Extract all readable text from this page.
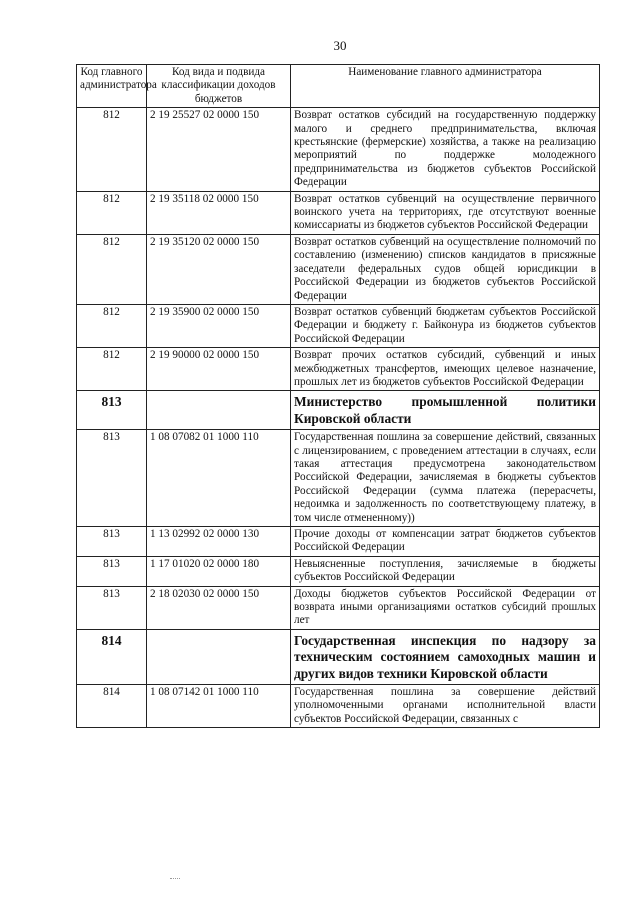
30
Код главного администратора	Код вида и подвида классификации доходов бюджетов	Наименование главного администратора
812	2 19 25527 02 0000 150	Возврат остатков субсидий на государственную поддержку малого и среднего предпринимательства, включая крестьянские (фермерские) хозяйства, а также на реализацию мероприятий по поддержке молодежного предпринимательства из бюджетов субъектов Российской Федерации
812	2 19 35118 02 0000 150	Возврат остатков субвенций на осуществление первичного воинского учета на территориях, где отсутствуют военные комиссариаты из бюджетов субъектов Российской Федерации
812	2 19 35120 02 0000 150	Возврат остатков субвенций на осуществление полномочий по составлению (изменению) списков кандидатов в присяжные заседатели федеральных судов общей юрисдикции в Российской Федерации из бюджетов субъектов Российской Федерации
812	2 19 35900 02 0000 150	Возврат остатков субвенций бюджетам субъектов Российской Федерации и бюджету г. Байконура из бюджетов субъектов Российской Федерации
812	2 19 90000 02 0000 150	Возврат прочих остатков субсидий, субвенций и иных межбюджетных трансфертов, имеющих целевое назначение, прошлых лет из бюджетов субъектов Российской Федерации
813		Министерство промышленной политики Кировской области
813	1 08 07082 01 1000 110	Государственная пошлина за совершение действий, связанных с лицензированием, с проведением аттестации в случаях, если такая аттестация предусмотрена законодательством Российской Федерации, зачисляемая в бюджеты субъектов Российской Федерации (сумма платежа (перерасчеты, недоимка и задолженность по соответствующему платежу, в том числе отмененному))
813	1 13 02992 02 0000 130	Прочие доходы от компенсации затрат бюджетов субъектов Российской Федерации
813	1 17 01020 02 0000 180	Невыясненные поступления, зачисляемые в бюджеты субъектов Российской Федерации
813	2 18 02030 02 0000 150	Доходы бюджетов субъектов Российской Федерации от возврата иными организациями остатков субсидий прошлых лет
814		Государственная инспекция по надзору за техническим состоянием самоходных машин и других видов техники Кировской области
814	1 08 07142 01 1000 110	Государственная пошлина за совершение действий уполномоченными органами исполнительной власти субъектов Российской Федерации, связанных с
